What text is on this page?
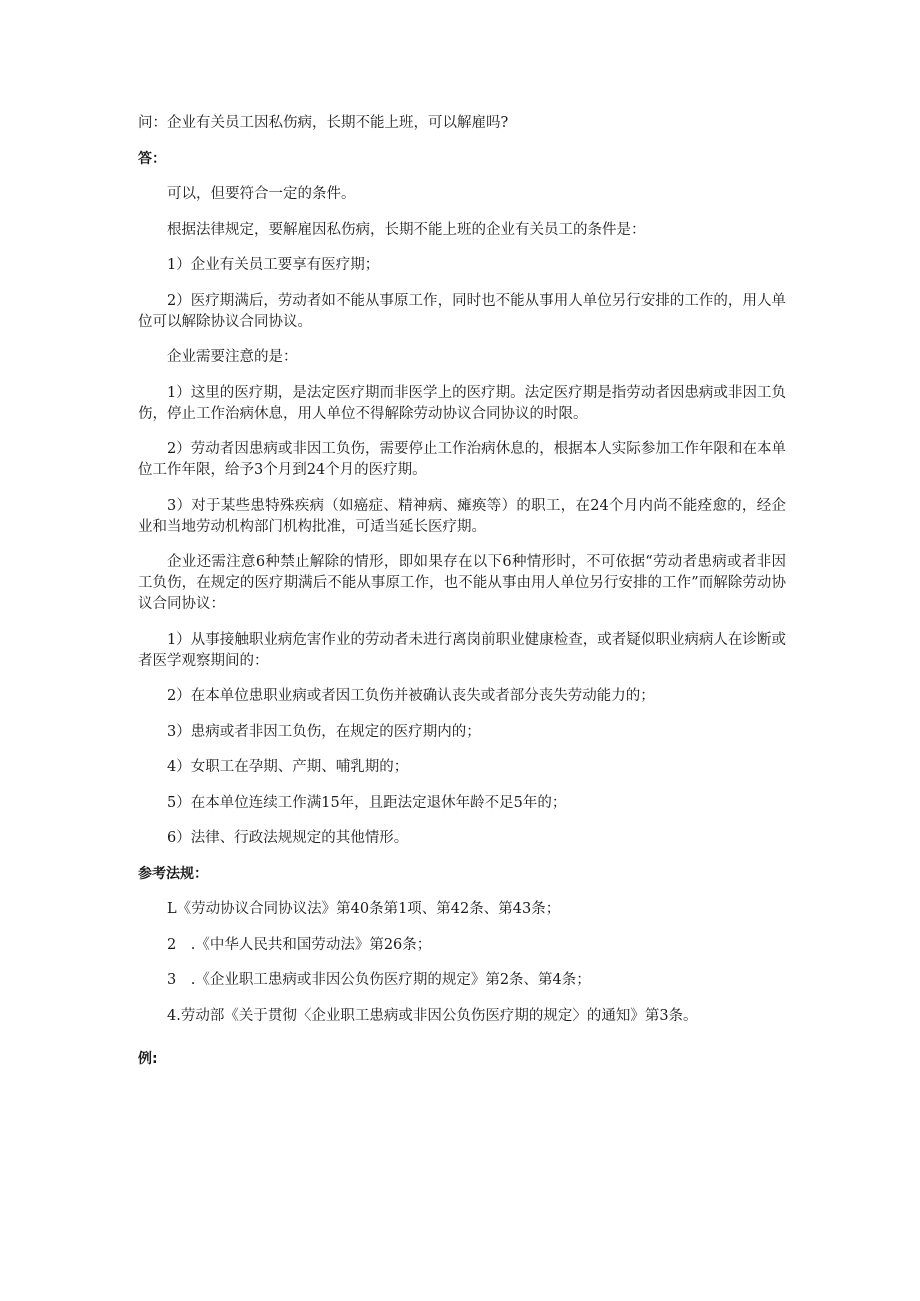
问：企业有关员工因私伤病，长期不能上班，可以解雇吗?

答：

可以，但要符合一定的条件。

根据法律规定，要解雇因私伤病，长期不能上班的企业有关员工的条件是：

1）企业有关员工要享有医疗期；

2）医疗期满后，劳动者如不能从事原工作，同时也不能从事用人单位另行安排的工作的，用人单位可以解除协议合同协议。

企业需要注意的是：

1）这里的医疗期，是法定医疗期而非医学上的医疗期。法定医疗期是指劳动者因患病或非因工负伤，停止工作治病休息，用人单位不得解除劳动协议合同协议的时限。

2）劳动者因患病或非因工负伤，需要停止工作治病休息的，根据本人实际参加工作年限和在本单位工作年限，给予3个月到24个月的医疗期。

3）对于某些患特殊疾病（如癌症、精神病、瘫痪等）的职工，在24个月内尚不能痊愈的，经企业和当地劳动机构部门机构批准，可适当延长医疗期。

企业还需注意6种禁止解除的情形，即如果存在以下6种情形时，不可依据“劳动者患病或者非因工负伤，在规定的医疗期满后不能从事原工作，也不能从事由用人单位另行安排的工作”而解除劳动协议合同协议：

1）从事接触职业病危害作业的劳动者未进行离岗前职业健康检查，或者疑似职业病病人在诊断或者医学观察期间的：

2）在本单位患职业病或者因工负伤并被确认丧失或者部分丧失劳动能力的；

3）患病或者非因工负伤，在规定的医疗期内的；

4）女职工在孕期、产期、哺乳期的；

5）在本单位连续工作满15年，且距法定退休年龄不足5年的；

6）法律、行政法规规定的其他情形。

参考法规：

L《劳动协议合同协议法》第40条第1项、第42条、第43条；

2　.《中华人民共和国劳动法》第26条；

3　.《企业职工患病或非因公负伤医疗期的规定》第2条、第4条；

4.劳动部《关于贯彻〈企业职工患病或非因公负伤医疗期的规定〉的通知》第3条。

例:
